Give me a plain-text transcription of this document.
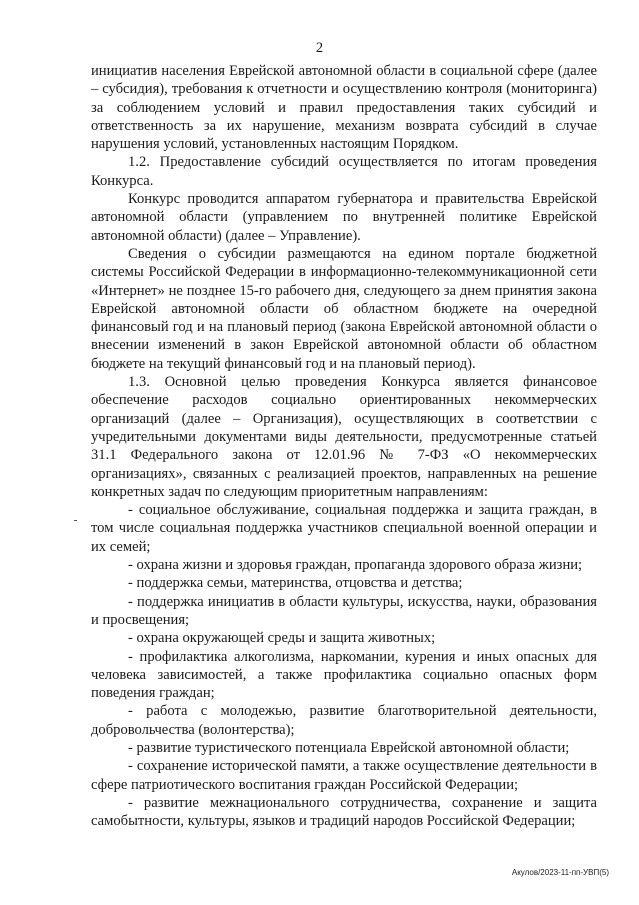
2

инициатив населения Еврейской автономной области в социальной сфере (далее – субсидия), требования к отчетности и осуществлению контроля (мониторинга) за соблюдением условий и правил предоставления таких субсидий и ответственность за их нарушение, механизм возврата субсидий в случае нарушения условий, установленных настоящим Порядком.

1.2. Предоставление субсидий осуществляется по итогам проведения Конкурса.

Конкурс проводится аппаратом губернатора и правительства Еврейской автономной области (управлением по внутренней политике Еврейской автономной области) (далее – Управление).

Сведения о субсидии размещаются на едином портале бюджетной системы Российской Федерации в информационно-телекоммуникационной сети «Интернет» не позднее 15-го рабочего дня, следующего за днем принятия закона Еврейской автономной области об областном бюджете на очередной финансовый год и на плановый период (закона Еврейской автономной области о внесении изменений в закон Еврейской автономной области об областном бюджете на текущий финансовый год и на плановый период).

1.3. Основной целью проведения Конкурса является финансовое обеспечение расходов социально ориентированных некоммерческих организаций (далее – Организация), осуществляющих в соответствии с учредительными документами виды деятельности, предусмотренные статьей 31.1 Федерального закона от 12.01.96 № 7-ФЗ «О некоммерческих организациях», связанных с реализацией проектов, направленных на решение конкретных задач по следующим приоритетным направлениям:

- социальное обслуживание, социальная поддержка и защита граждан, в том числе социальная поддержка участников специальной военной операции и их семей;

- охрана жизни и здоровья граждан, пропаганда здорового образа жизни;

- поддержка семьи, материнства, отцовства и детства;

- поддержка инициатив в области культуры, искусства, науки, образования и просвещения;

- охрана окружающей среды и защита животных;

- профилактика алкоголизма, наркомании, курения и иных опасных для человека зависимостей, а также профилактика социально опасных форм поведения граждан;

- работа с молодежью, развитие благотворительной деятельности, добровольчества (волонтерства);

- развитие туристического потенциала Еврейской автономной области;

- сохранение исторической памяти, а также осуществление деятельности в сфере патриотического воспитания граждан Российской Федерации;

- развитие межнационального сотрудничества, сохранение и защита самобытности, культуры, языков и традиций народов Российской Федерации;

Акулов/2023-11-пп-УВП(5)
